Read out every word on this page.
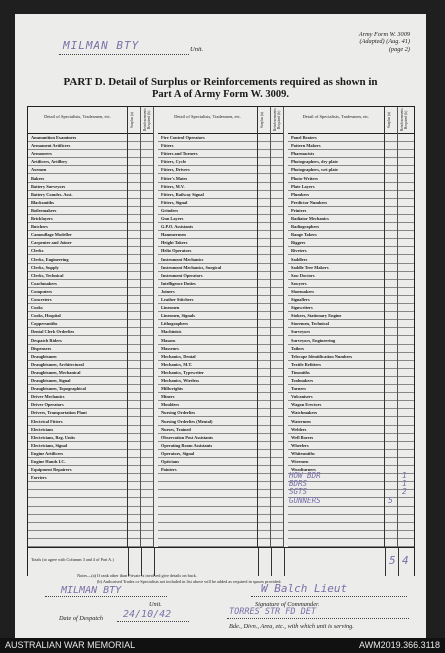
Army Form W. 3009
(Adapted) (Aug. 41)
(page 2)
MILMAN BTY	Unit.
PART D. Detail of Surplus or Reinforcements required as shown in
Part A of Army Form W. 3009.
Detail of Specialists, Tradesmen, etc.
Ammunition Examiners
Armament Artificers
Armourers
Artificers, Artillery
Axemen
Bakers
Battery Surveyors
Battery Comdrs. Asst.
Blacksmiths
Boilermakers
Bricklayers
Butchers
Camouflage Modeller
Carpenter and Joiner
Clerks
Clerks, Engineering
Clerks, Supply
Clerks, Technical
Coachmakers
Computers
Concreters
Cooks
Cooks, Hospital
Coppersmiths
Dental Clerk Orderlies
Despatch Riders
Dispensers
Draughtsmen
Draughtsmen, Architectural
Draughtsmen, Mechanical
Draughtsmen, Signal
Draughtsmen, Topographical
Driver Mechanics
Driver Operators
Drivers, Transportation Plant
Electrical Fitters
Electricians
Electricians, Reg. Units
Electricians, Signal
Engine Artificers
Engine Hands I.C.
Equipment Repairers
Farriers
Surplus (a)	Reinforcements Required (b)	Detail of Specialists, Tradesmen, etc.
Fire Control Operators
Fitters
Fitters and Turners
Fitters, Cycle
Fitters, Drivers
Fitter's Mates
Fitters, M.V.
Fitters, Railway Signal
Fitters, Signal
Grinders
Gun Layers
G.P.O. Assistants
Hammermen
Height Takers
Helio Operators
Instrument Mechanics
Instrument Mechanics, Surgical
Instrument Operators
Intelligence Duties
Joiners
Leather Stitchers
Linesmen
Linesmen, Signals
Lithographers
Machinists
Masons
Masseurs
Mechanics, Dental
Mechanics, M.T.
Mechanics, Typewriter
Mechanics, Wireless
Millwrights
Miners
Moulders
Nursing Orderlies
Nursing Orderlies (Mental)
Nurses, Trained
Observation Post Assistants
Operating Room Assistants
Operators, Signal
Opticians
Painters
Surplus (a)	Reinforcements Required (b)	Detail of Specialists, Tradesmen, etc.
Panel Beaters
Pattern Makers
Pharmacists
Photographers, dry plate
Photographers, wet plate
Photo-Writers
Plate Layers
Plumbers
Predictor Numbers
Printers
Radiator Mechanics
Radiographers
Range Takers
Riggers
Riveters
Saddlers
Saddle Tree Makers
Saw Doctors
Sawyers
Shoemakers
Signallers
Signwriters
Stokers, Stationary Engine
Storemen, Technical
Surveyors
Surveyors, Engineering
Tailors
Telecope Identification Numbers
Textile Refitters
Tinsmiths
Toolmakers
Turners
Vulcanisers
Wagon Erectors
Watchmakers
Watermen
Welders
Well Borers
Wheelers
Whitesmiths
Wiremen
Woodturners
Surplus (a)	Reinforcements Required (b)
Totals (to agree with Columns 3 and 4 of Part A.)	5 4
Notes—(a) If rank other than Private is involved give details on back.
(b) Authorised Trades or Specialists not included in list above will be added as required in spaces provided.
MILMAN BTY
Unit.
W Balch Lieut
Signature of Commander.
Date of Despatch 24/10/42	TORRES STR FD DET
Bde., Divn., Area, etc., with which unit is serving.
HOW BDR	1
BDRS	1
SGTS	2
GUNNERS	5
AUSTRALIAN WAR MEMORIAL	AWM2019.366.3118
